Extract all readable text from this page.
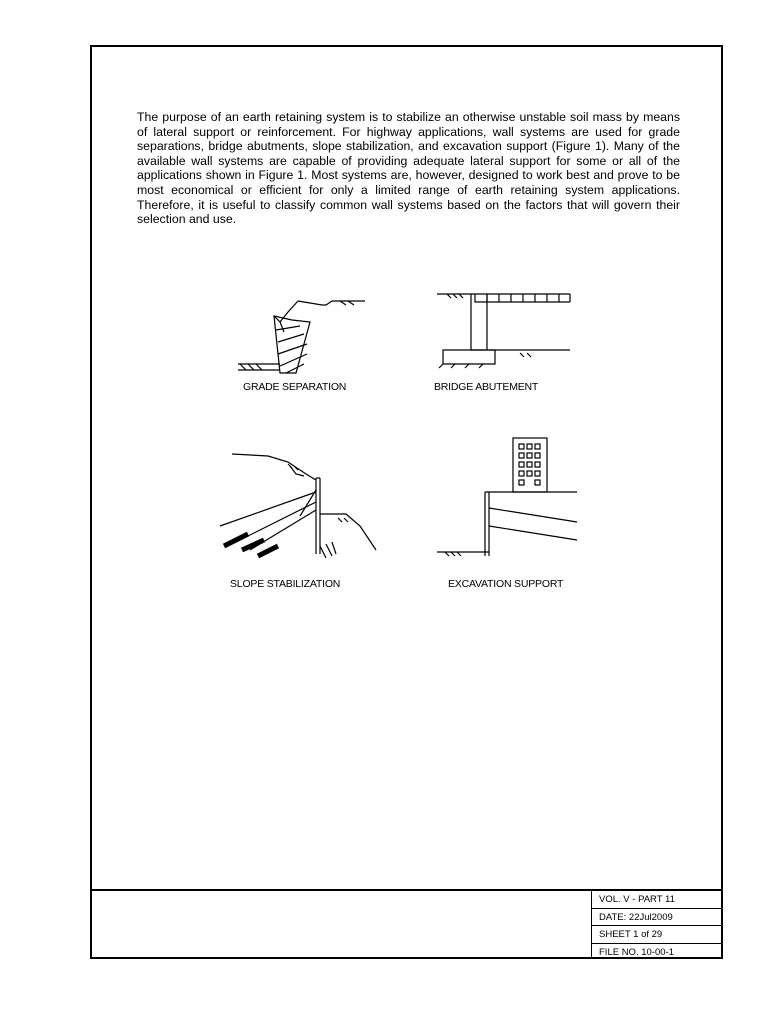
The purpose of an earth retaining system is to stabilize an otherwise unstable soil mass by means of lateral support or reinforcement. For highway applications, wall systems are used for grade separations, bridge abutments, slope stabilization, and excavation support (Figure 1). Many of the available wall systems are capable of providing adequate lateral support for some or all of the applications shown in Figure 1. Most systems are, however, designed to work best and prove to be most economical or efficient for only a limited range of earth retaining system applications. Therefore, it is useful to classify common wall systems based on the factors that will govern their selection and use.

GRADE SEPARATION	BRIDGE ABUTEMENT

SLOPE STABILIZATION	EXCAVATION SUPPORT

VOL. V - PART 11
DATE: 22Jul2009
SHEET 1 of 29
FILE NO. 10-00-1
